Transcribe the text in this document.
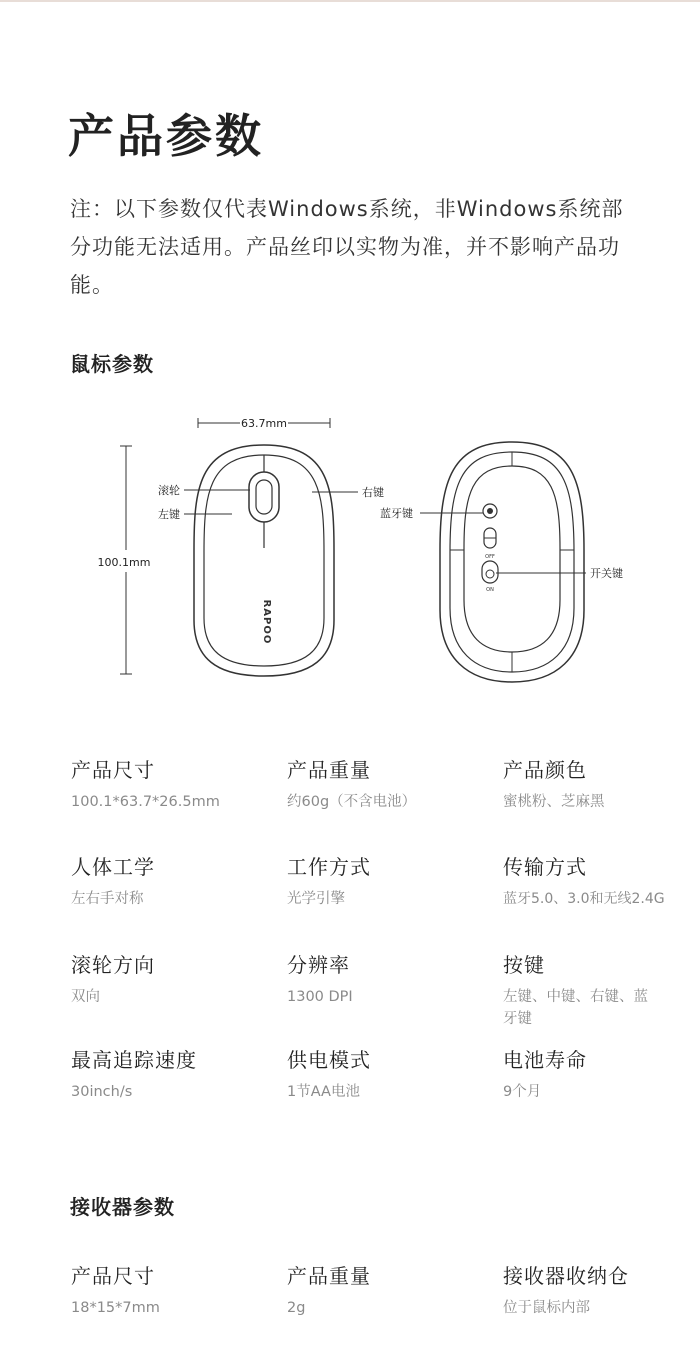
产品参数
注：以下参数仅代表Windows系统，非Windows系统部分功能无法适用。产品丝印以实物为准，并不影响产品功能。
鼠标参数
63.7mm
100.1mm
RAPOO
滚轮
左键
右键
OFF
ON
蓝牙键
开关键
产品尺寸
100.1*63.7*26.5mm
产品重量
约60g（不含电池）
产品颜色
蜜桃粉、芝麻黑
人体工学
左右手对称
工作方式
光学引擎
传输方式
蓝牙5.0、3.0和无线2.4G
滚轮方向
双向
分辨率
1300 DPI
按键
左键、中键、右键、蓝牙键
最高追踪速度
30inch/s
供电模式
1节AA电池
电池寿命
9个月
接收器参数
产品尺寸
18*15*7mm
产品重量
2g
接收器收纳仓
位于鼠标内部
